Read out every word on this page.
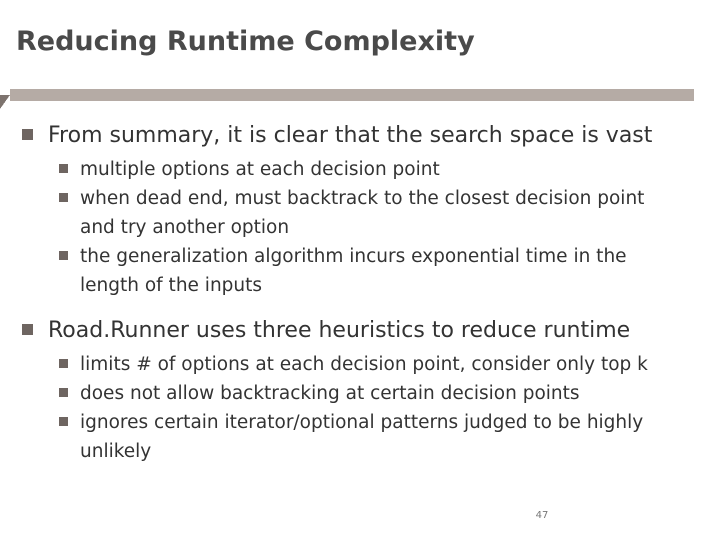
Reducing Runtime Complexity
From summary, it is clear that the search space is vast
multiple options at each decision point
when dead end, must backtrack to the closest decision point and try another option
the generalization algorithm incurs exponential time in the length of the inputs
Road.Runner uses three heuristics to reduce runtime
limits # of options at each decision point, consider only top k
does not allow backtracking at certain decision points
ignores certain iterator/optional patterns judged to be highly unlikely
47
